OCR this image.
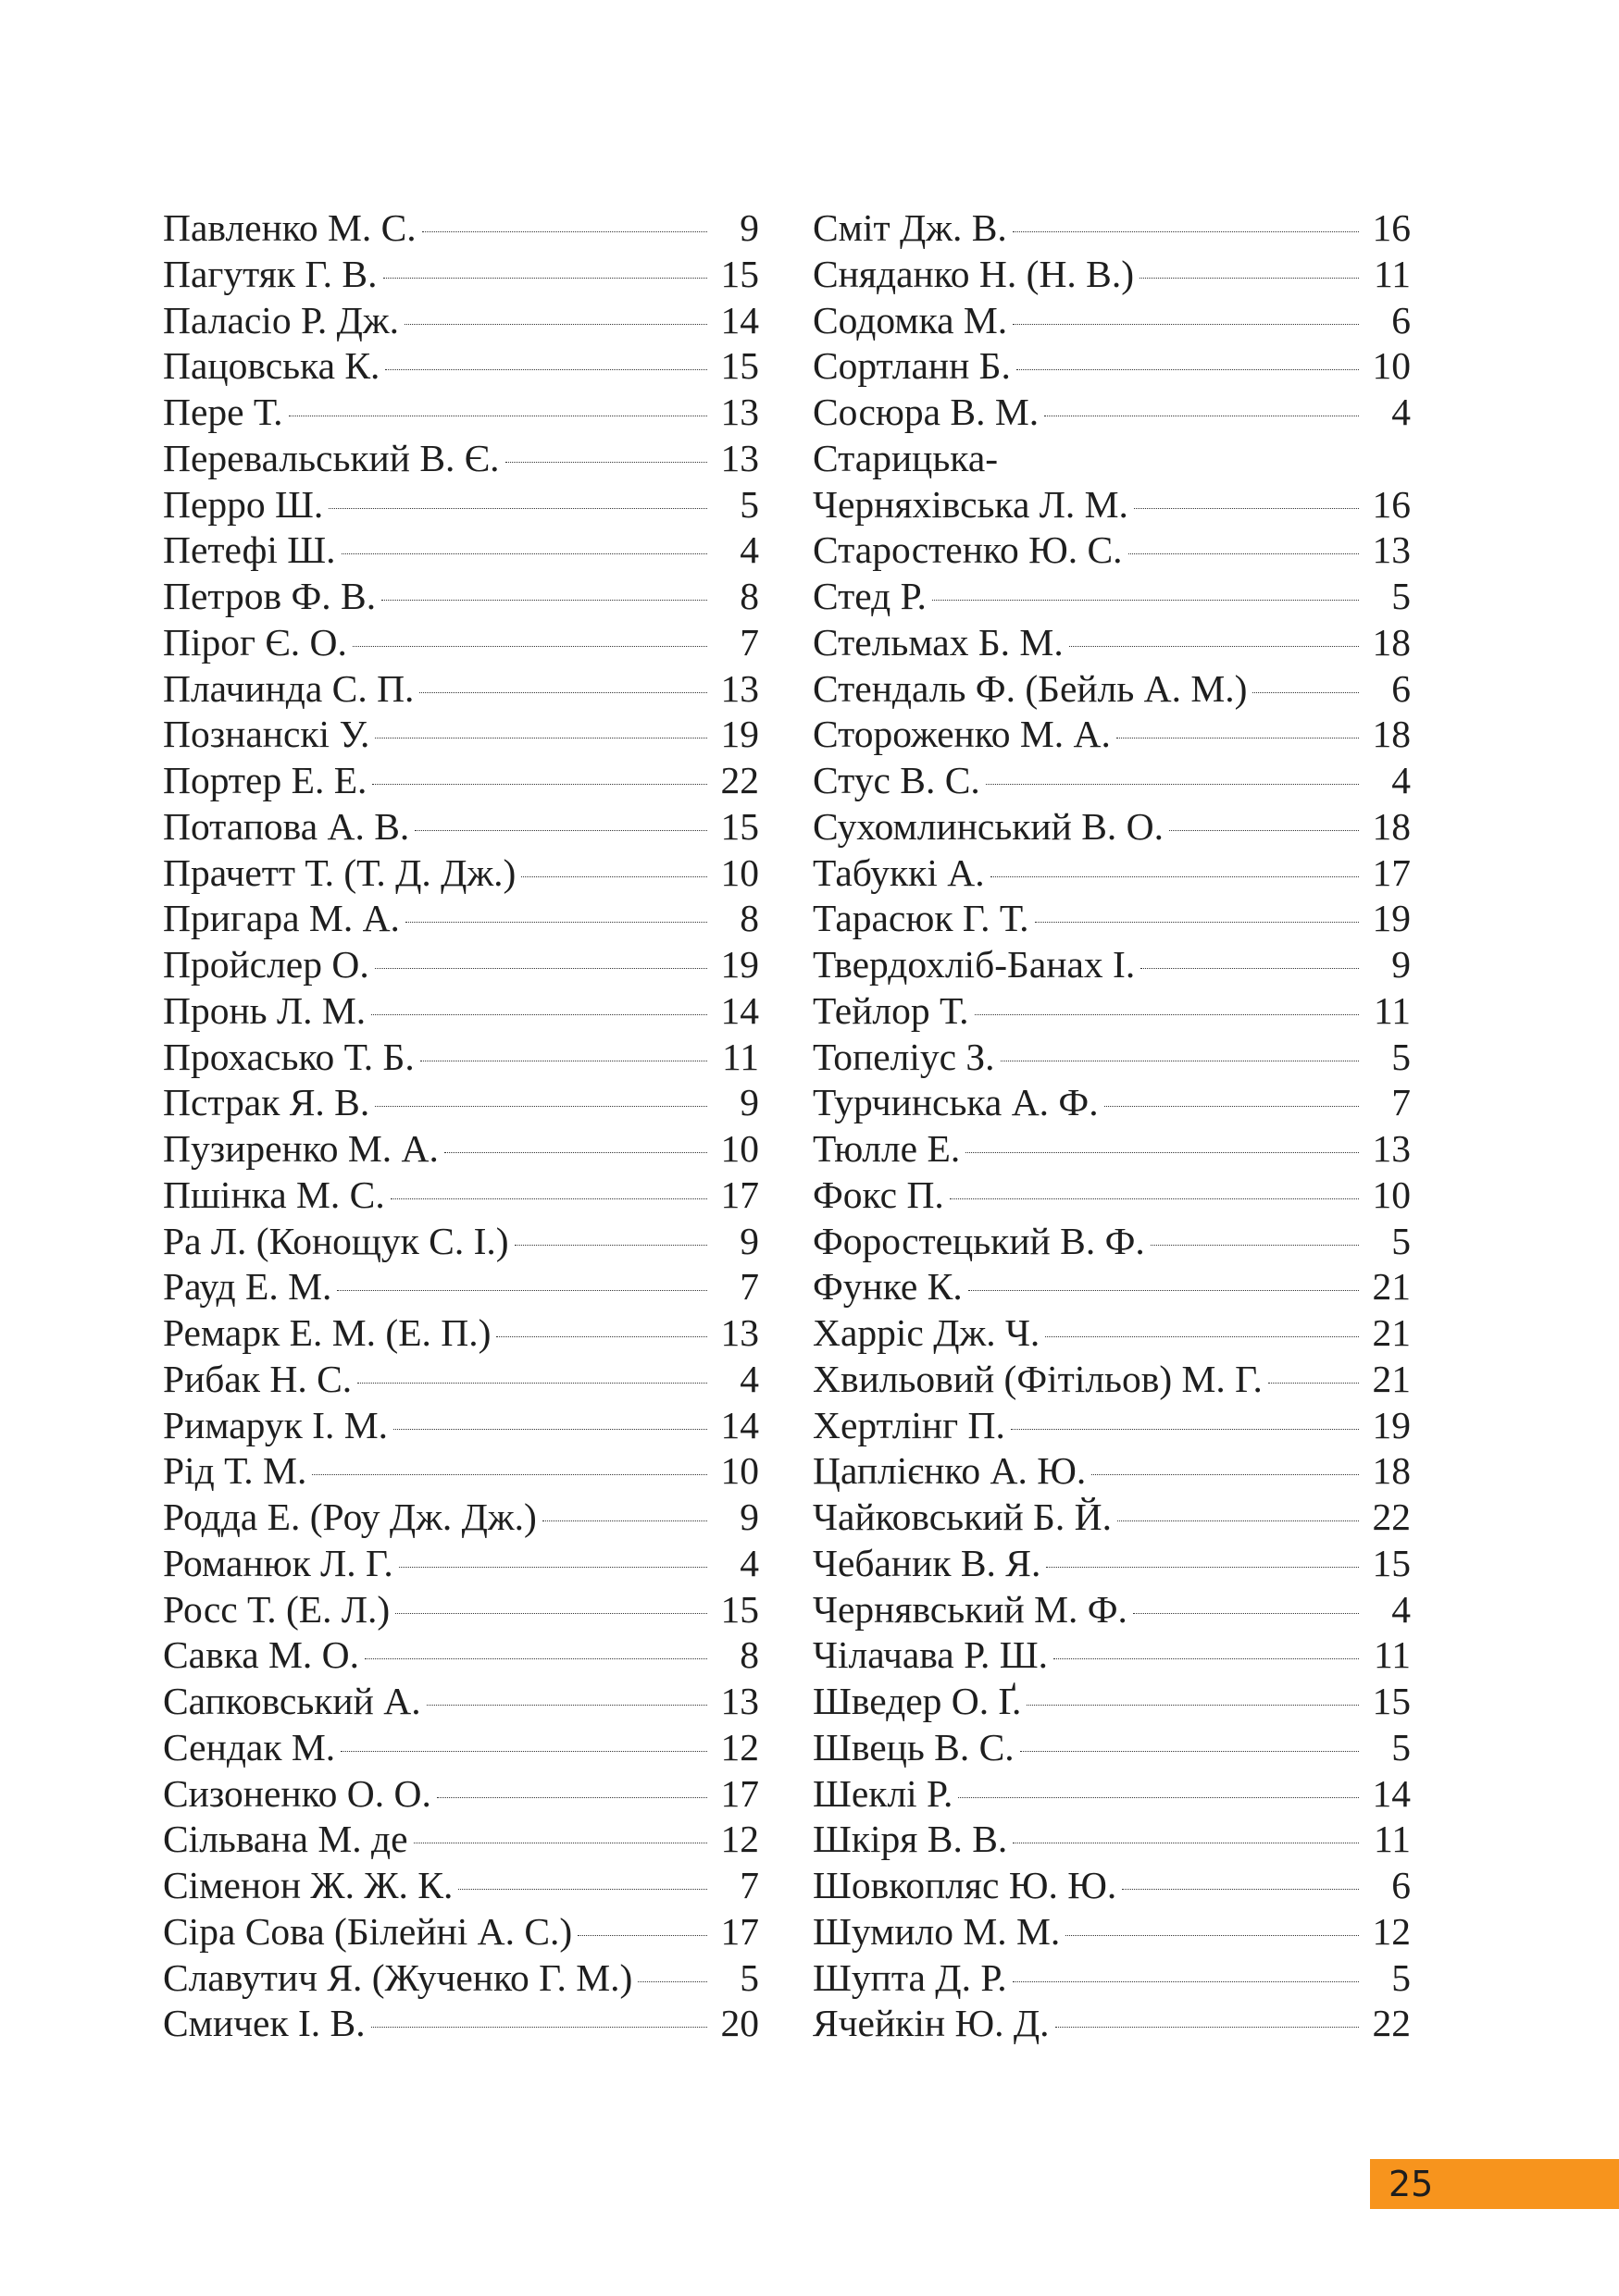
Павленко М. С.	9
Пагутяк Г. В.	15
Паласіо Р. Дж.	14
Пацовська К.	15
Пере Т.	13
Перевальський В. Є.	13
Перро Ш.	5
Петефі Ш.	4
Петров Ф. В.	8
Пірог Є. О.	7
Плачинда С. П.	13
Познанскі У.	19
Портер Е. Е.	22
Потапова А. В.	15
Прачетт Т. (Т. Д. Дж.)	10
Пригара М. А.	8
Пройслер О.	19
Пронь Л. М.	14
Прохасько Т. Б.	11
Пстрак Я. В.	9
Пузиренко М. А.	10
Пшінка М. С.	17
Ра Л. (Конощук С. І.)	9
Рауд Е. М.	7
Ремарк Е. М. (Е. П.)	13
Рибак Н. С.	4
Римарук І. М.	14
Рід Т. М.	10
Родда Е. (Роу Дж. Дж.)	9
Романюк Л. Г.	4
Росс Т. (Е. Л.)	15
Савка М. О.	8
Сапковський А.	13
Сендак М.	12
Сизоненко О. О.	17
Сільвана М. де	12
Сіменон Ж. Ж. К.	7
Сіра Сова (Білейні А. С.)	17
Славутич Я. (Жученко Г. М.)	5
Смичек І. В.	20
Сміт Дж. В.	16
Сняданко Н. (Н. В.)	11
Содомка М.	6
Сортланн Б.	10
Сосюра В. М.	4
Старицька-
Черняхівська Л. М.	16
Старостенко Ю. С.	13
Стед Р.	5
Стельмах Б. М.	18
Стендаль Ф. (Бейль А. М.)	6
Стороженко М. А.	18
Стус В. С.	4
Сухомлинський В. О.	18
Табуккі А.	17
Тарасюк Г. Т.	19
Твердохліб-Банах І.	9
Тейлор Т.	11
Топеліус З.	5
Турчинська А. Ф.	7
Тюлле Е.	13
Фокс П.	10
Форостецький В. Ф.	5
Функе К.	21
Харріс Дж. Ч.	21
Хвильовий (Фітільов) М. Г.	21
Хертлінг П.	19
Цаплієнко А. Ю.	18
Чайковський Б. Й.	22
Чебаник В. Я.	15
Чернявський М. Ф.	4
Чілачава Р. Ш.	11
Шведер О. Ґ.	15
Швець В. С.	5
Шеклі Р.	14
Шкіря В. В.	11
Шовкопляс Ю. Ю.	6
Шумило М. М.	12
Шупта Д. Р.	5
Ячейкін Ю. Д.	22
25
